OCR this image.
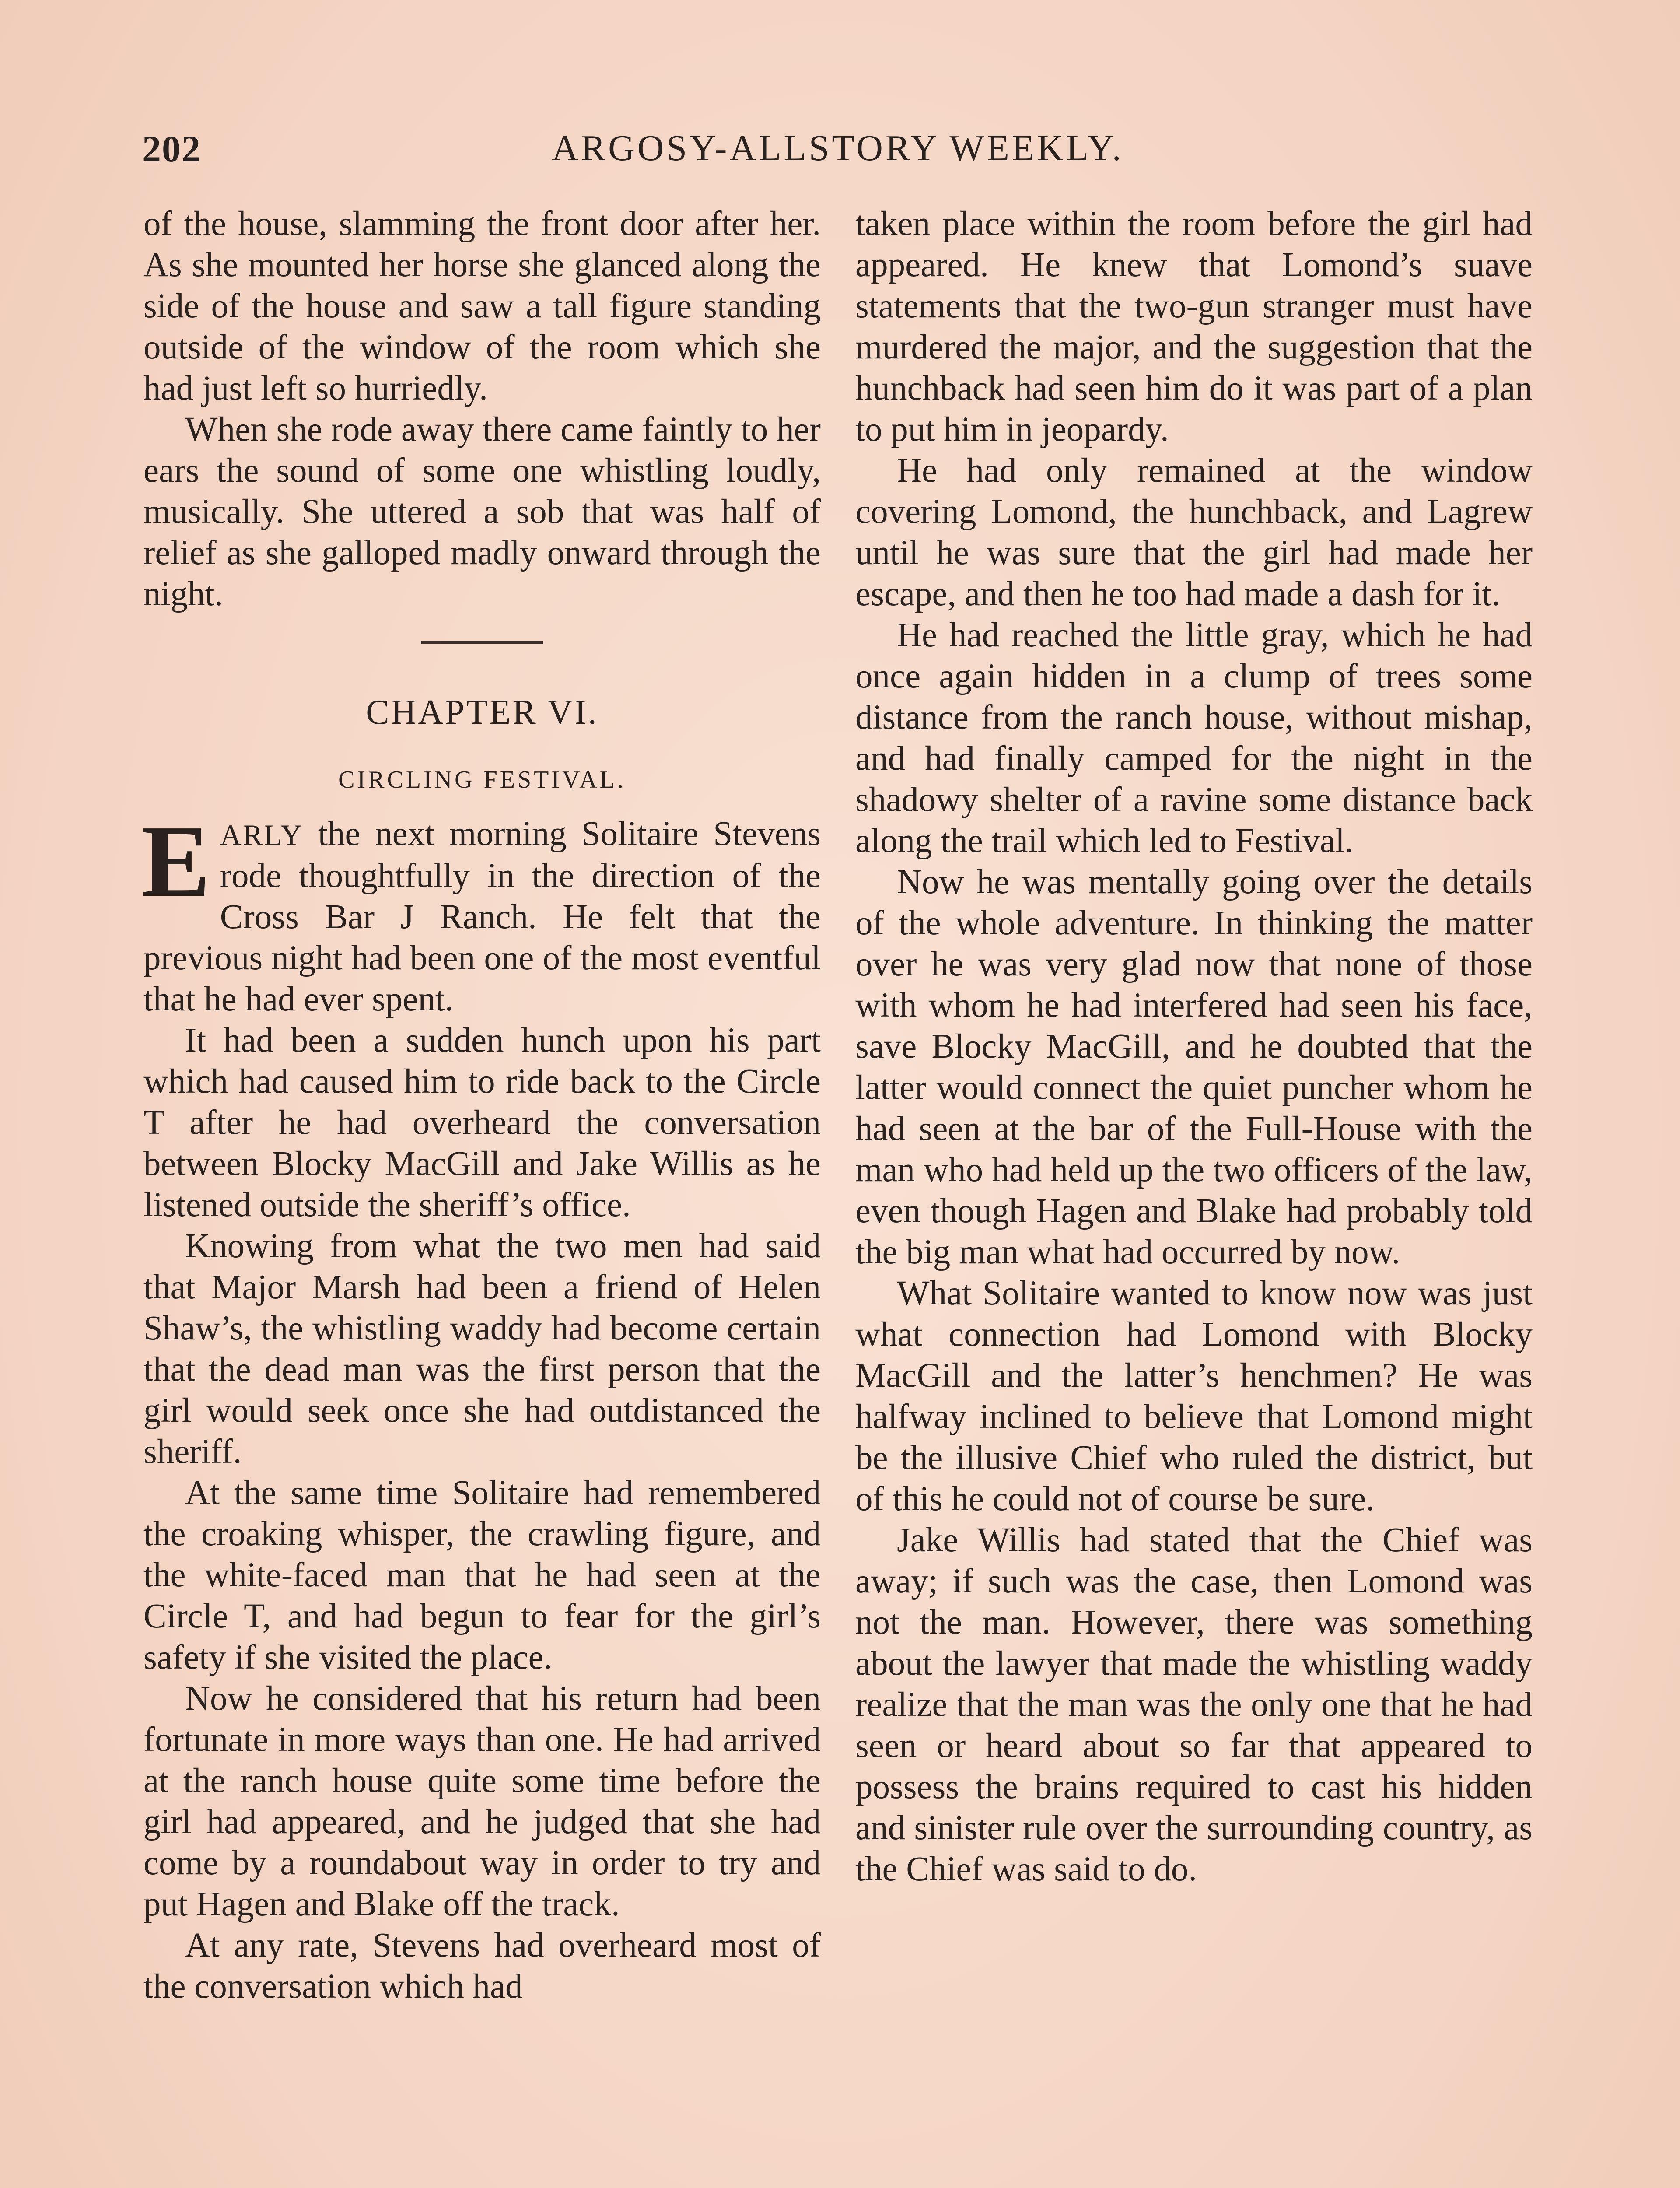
202	ARGOSY-ALLSTORY WEEKLY.

of the house, slamming the front door after her. As she mounted her horse she glanced along the side of the house and saw a tall figure standing outside of the window of the room which she had just left so hurriedly.

When she rode away there came faintly to her ears the sound of some one whistling loudly, musically. She uttered a sob that was half of relief as she galloped madly onward through the night.

CHAPTER VI.
CIRCLING FESTIVAL.

EARLY the next morning Solitaire Stevens rode thoughtfully in the direction of the Cross Bar J Ranch. He felt that the previous night had been one of the most eventful that he had ever spent.

It had been a sudden hunch upon his part which had caused him to ride back to the Circle T after he had overheard the conversation between Blocky MacGill and Jake Willis as he listened outside the sheriff’s office.

Knowing from what the two men had said that Major Marsh had been a friend of Helen Shaw’s, the whistling waddy had become certain that the dead man was the first person that the girl would seek once she had outdistanced the sheriff.

At the same time Solitaire had remembered the croaking whisper, the crawling figure, and the white-faced man that he had seen at the Circle T, and had begun to fear for the girl’s safety if she visited the place.

Now he considered that his return had been fortunate in more ways than one. He had arrived at the ranch house quite some time before the girl had appeared, and he judged that she had come by a roundabout way in order to try and put Hagen and Blake off the track.

At any rate, Stevens had overheard most of the conversation which had

taken place within the room before the girl had appeared. He knew that Lomond’s suave statements that the two-gun stranger must have murdered the major, and the suggestion that the hunchback had seen him do it was part of a plan to put him in jeopardy.

He had only remained at the window covering Lomond, the hunchback, and Lagrew until he was sure that the girl had made her escape, and then he too had made a dash for it.

He had reached the little gray, which he had once again hidden in a clump of trees some distance from the ranch house, without mishap, and had finally camped for the night in the shadowy shelter of a ravine some distance back along the trail which led to Festival.

Now he was mentally going over the details of the whole adventure. In thinking the matter over he was very glad now that none of those with whom he had interfered had seen his face, save Blocky MacGill, and he doubted that the latter would connect the quiet puncher whom he had seen at the bar of the Full-House with the man who had held up the two officers of the law, even though Hagen and Blake had probably told the big man what had occurred by now.

What Solitaire wanted to know now was just what connection had Lomond with Blocky MacGill and the latter’s henchmen? He was halfway inclined to believe that Lomond might be the illusive Chief who ruled the district, but of this he could not of course be sure.

Jake Willis had stated that the Chief was away; if such was the case, then Lomond was not the man. However, there was something about the lawyer that made the whistling waddy realize that the man was the only one that he had seen or heard about so far that appeared to possess the brains required to cast his hidden and sinister rule over the surrounding country, as the Chief was said to do.
